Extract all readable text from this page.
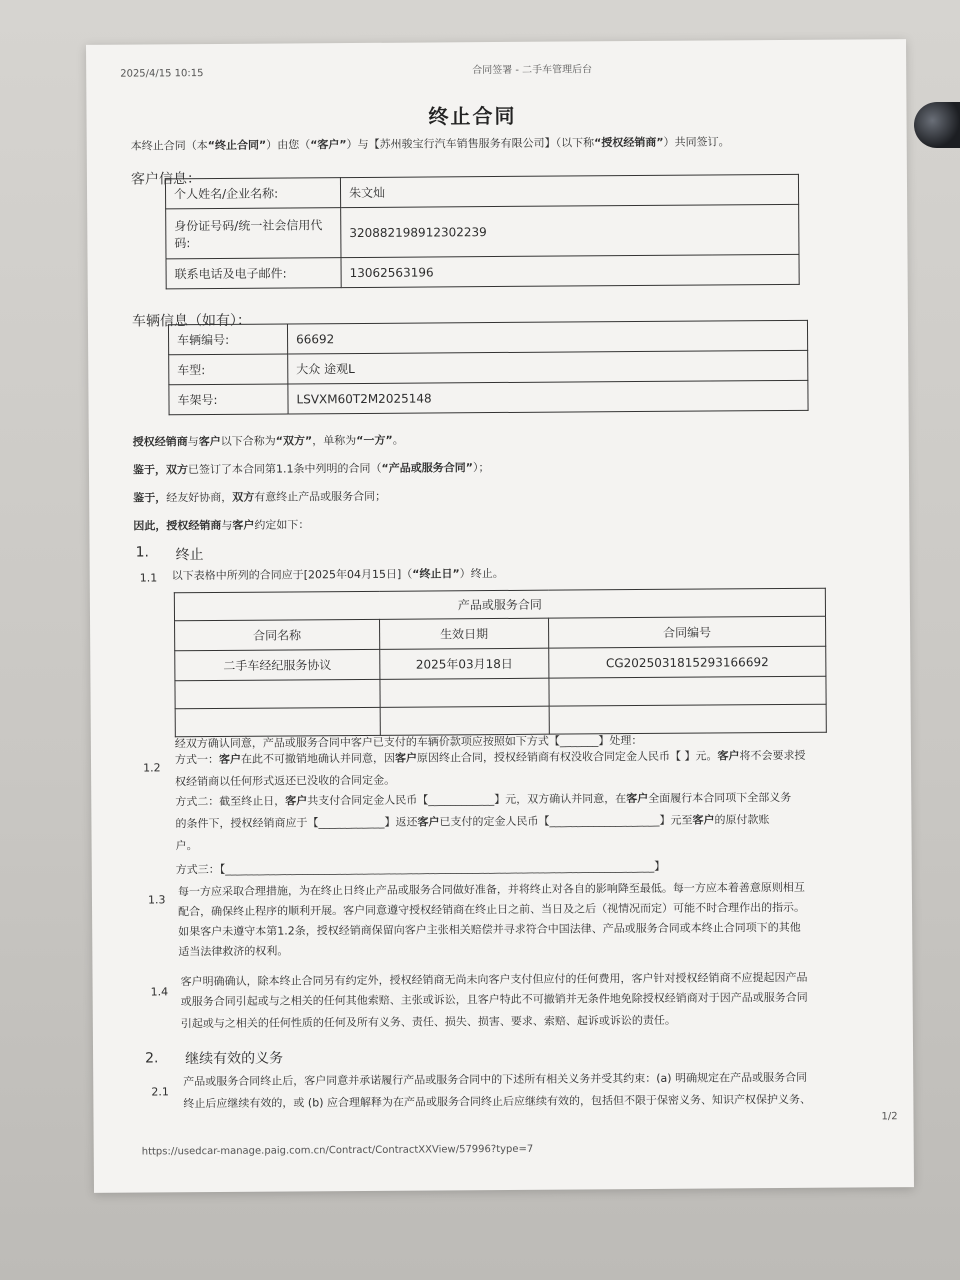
2025/4/15 10:15	合同签署 - 二手车管理后台
终止合同
本终止合同（本“终止合同”）由您（“客户”）与【苏州骏宝行汽车销售服务有限公司】（以下称“授权经销商”）共同签订。
客户信息：
个人姓名/企业名称:	朱文灿
身份证号码/统一社会信用代码:	320882198912302239
联系电话及电子邮件:	13062563196
车辆信息（如有）：
车辆编号:	66692
车型:	大众 途观L
车架号:	LSVXM60T2M2025148
授权经销商与客户以下合称为“双方”，单称为“一方”。
鉴于，双方已签订了本合同第1.1条中列明的合同（“产品或服务合同”）；
鉴于，经友好协商，双方有意终止产品或服务合同；
因此，授权经销商与客户约定如下：
1. 终止
1.1 以下表格中所列的合同应于[2025年04月15日]（“终止日”）终止。
产品或服务合同		
合同名称	生效日期	合同编号
二手车经纪服务协议	2025年03月18日	CG2025031815293166692

1.2
经双方确认同意，产品或服务合同中客户已支付的车辆价款项应按照如下方式【_______】处理：
方式一：客户在此不可撤销地确认并同意，因客户原因终止合同，授权经销商有权没收合同定金人民币【 】元。客户将不会要求授
权经销商以任何形式返还已没收的合同定金。
方式二：截至终止日，客户共支付合同定金人民币【____________】元，双方确认并同意，在客户全面履行本合同项下全部义务
的条件下，授权经销商应于【____________】返还客户已支付的定金人民币【____________________】元至客户的原付款账
户。
方式三：【______________________________________________________________________________】
1.3
每一方应采取合理措施，为在终止日终止产品或服务合同做好准备，并将终止对各自的影响降至最低。每一方应本着善意原则相互
配合，确保终止程序的顺利开展。客户同意遵守授权经销商在终止日之前、当日及之后（视情况而定）可能不时合理作出的指示。
如果客户未遵守本第1.2条，授权经销商保留向客户主张相关赔偿并寻求符合中国法律、产品或服务合同或本终止合同项下的其他
适当法律救济的权利。
1.4
客户明确确认，除本终止合同另有约定外，授权经销商无尚未向客户支付但应付的任何费用，客户针对授权经销商不应提起因产品
或服务合同引起或与之相关的任何其他索赔、主张或诉讼，且客户特此不可撤销并无条件地免除授权经销商对于因产品或服务合同
引起或与之相关的任何性质的任何及所有义务、责任、损失、损害、要求、索赔、起诉或诉讼的责任。
2. 继续有效的义务
2.1
产品或服务合同终止后，客户同意并承诺履行产品或服务合同中的下述所有相关义务并受其约束：(a) 明确规定在产品或服务合同
终止后应继续有效的，或 (b) 应合理解释为在产品或服务合同终止后应继续有效的，包括但不限于保密义务、知识产权保护义务、
1/2
https://usedcar-manage.paig.com.cn/Contract/ContractXXView/57996?type=7
